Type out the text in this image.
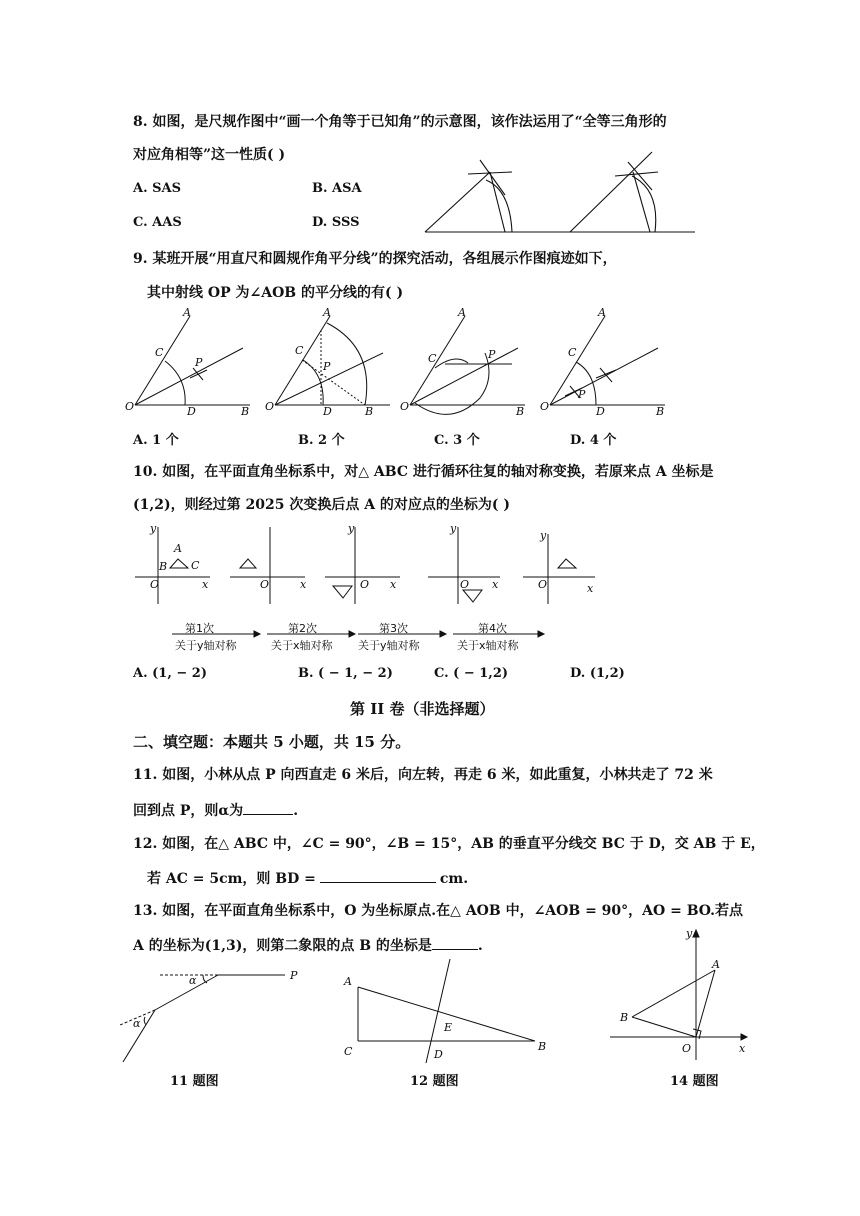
8. 如图，是尺规作图中“画一个角等于已知角”的示意图，该作法运用了“全等三角形的
对应角相等”这一性质( )
A. SAS	B. ASA
C. AAS	D. SSS
9. 某班开展“用直尺和圆规作角平分线”的探究活动，各组展示作图痕迹如下，
其中射线 OP 为∠AOB 的平分线的有( )
A
C
P
O	D	B
A
C
P
O	D	B
A
C	P
O	B
A
C
P
O	D	B
A. 1 个	B. 2 个	C. 3 个	D. 4 个
10. 如图，在平面直角坐标系中，对△ ABC 进行循环往复的轴对称变换，若原来点 A 坐标是
(1,2)，则经过第 2025 次变换后点 A 的对应点的坐标为( )
y
x
O
A
B C
O	x
y
O x
y
O x
y
O	x
第1次
关于y轴对称
第2次
关于x轴对称
第3次
关于y轴对称
第4次
关于x轴对称
A. (1, − 2)	B. ( − 1, − 2)	C. ( − 1,2)	D. (1,2)
第 II 卷（非选择题）
二、填空题：本题共 5 小题，共 15 分。
11. 如图，小林从点 P 向西直走 6 米后，向左转，再走 6 米，如此重复，小林共走了 72 米
回到点 P，则α为	.
12. 如图，在△ ABC 中，∠C = 90°，∠B = 15°，AB 的垂直平分线交 BC 于 D，交 AB 于 E，
若 AC = 5cm，则 BD =	cm.
13. 如图，在平面直角坐标系中，O 为坐标原点.在△ AOB 中，∠AOB = 90°，AO = BO.若点
A 的坐标为(1,3)，则第二象限的点 B 的坐标是	.
P
α
α
11 题图
A
C	B
E
D
12 题图
y
x
O
A
B
14 题图
